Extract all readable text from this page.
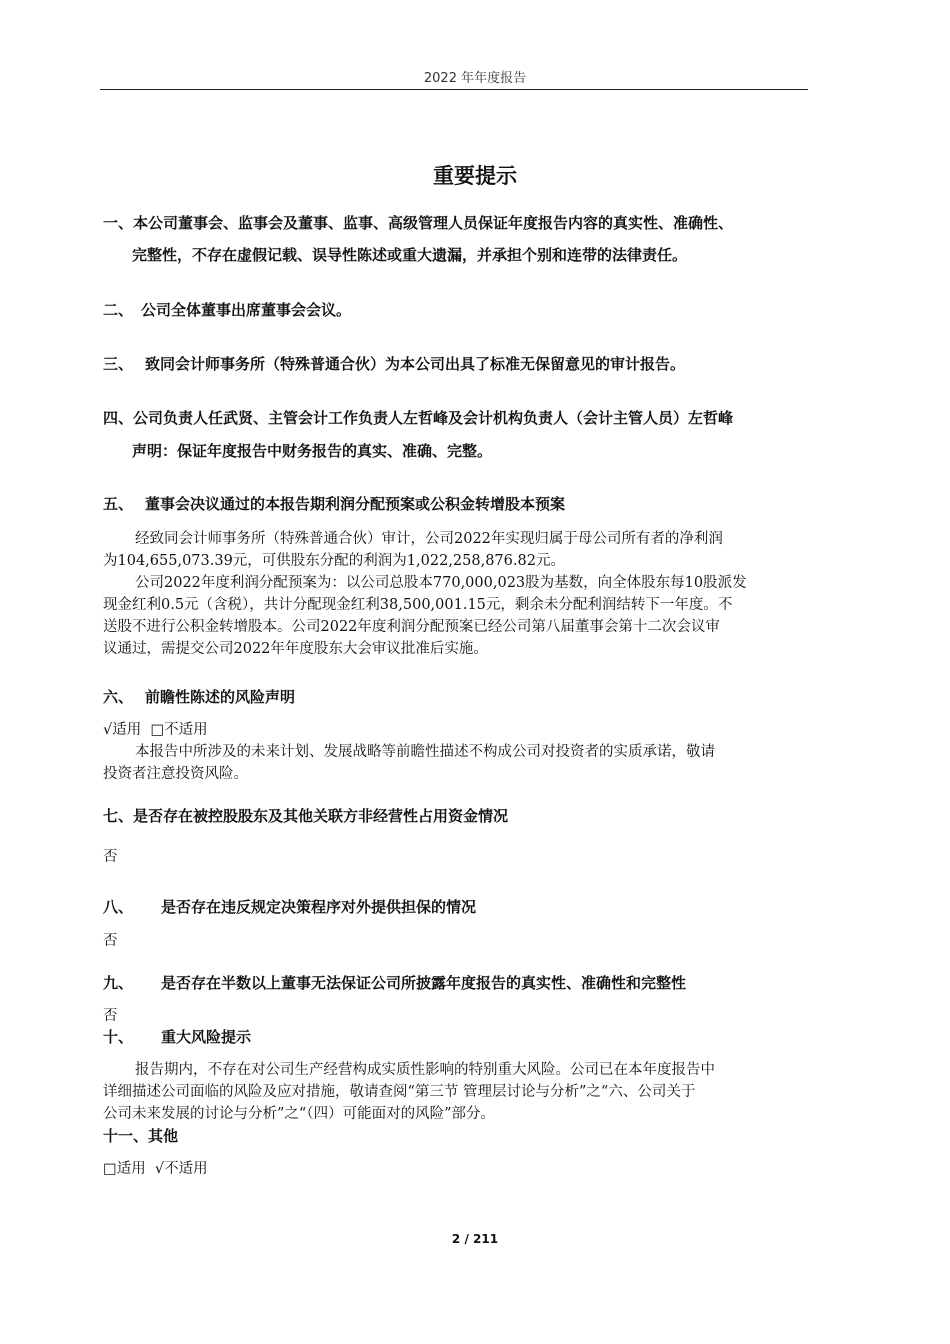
2022 年年度报告
重要提示
一、本公司董事会、监事会及董事、监事、高级管理人员保证年度报告内容的真实性、准确性、
完整性，不存在虚假记载、误导性陈述或重大遗漏，并承担个别和连带的法律责任。
二、 公司全体董事出席董事会会议。
三、 致同会计师事务所（特殊普通合伙）为本公司出具了标准无保留意见的审计报告。
四、公司负责人任武贤、主管会计工作负责人左哲峰及会计机构负责人（会计主管人员）左哲峰
声明：保证年度报告中财务报告的真实、准确、完整。
五、 董事会决议通过的本报告期利润分配预案或公积金转增股本预案
经致同会计师事务所（特殊普通合伙）审计，公司2022年实现归属于母公司所有者的净利润
为104,655,073.39元，可供股东分配的利润为1,022,258,876.82元。
公司2022年度利润分配预案为：以公司总股本770,000,023股为基数，向全体股东每10股派发
现金红利0.5元（含税），共计分配现金红利38,500,001.15元，剩余未分配利润结转下一年度。不
送股不进行公积金转增股本。公司2022年度利润分配预案已经公司第八届董事会第十二次会议审
议通过，需提交公司2022年年度股东大会审议批准后实施。
六、 前瞻性陈述的风险声明
√适用  □不适用
本报告中所涉及的未来计划、发展战略等前瞻性描述不构成公司对投资者的实质承诺，敬请
投资者注意投资风险。
七、是否存在被控股股东及其他关联方非经营性占用资金情况
否
八、 是否存在违反规定决策程序对外提供担保的情况
否
九、 是否存在半数以上董事无法保证公司所披露年度报告的真实性、准确性和完整性
否
十、 重大风险提示
报告期内，不存在对公司生产经营构成实质性影响的特别重大风险。公司已在本年度报告中
详细描述公司面临的风险及应对措施，敬请查阅“第三节 管理层讨论与分析”之“六、公司关于
公司未来发展的讨论与分析”之“（四）可能面对的风险”部分。
十一、其他
□适用  √不适用
2 / 211
